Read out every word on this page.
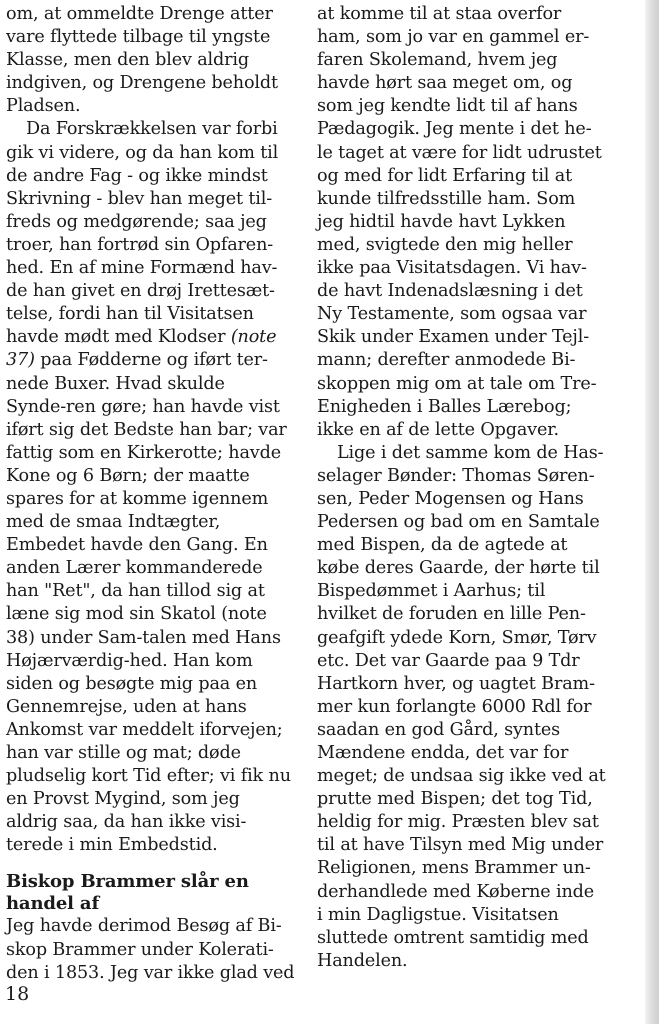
om, at ommeldte Drenge atter
vare flyttede tilbage til yngste
Klasse, men den blev aldrig
indgiven, og Drengene beholdt
Pladsen.
Da Forskrækkelsen var forbi
gik vi videre, og da han kom til
de andre Fag - og ikke mindst
Skrivning - blev han meget til-
freds og medgørende; saa jeg
troer, han fortrød sin Opfaren-
hed. En af mine Formænd hav-
de han givet en drøj Irettesæt-
telse, fordi han til Visitatsen
havde mødt med Klodser (note
37) paa Fødderne og iført ter-
nede Buxer. Hvad skulde
Synde-ren gøre; han havde vist
iført sig det Bedste han bar; var
fattig som en Kirkerotte; havde
Kone og 6 Børn; der maatte
spares for at komme igennem
med de smaa Indtægter,
Embedet havde den Gang. En
anden Lærer kommanderede
han "Ret", da han tillod sig at
læne sig mod sin Skatol (note
38) under Sam-talen med Hans
Højærværdig-hed. Han kom
siden og besøgte mig paa en
Gennemrejse, uden at hans
Ankomst var meddelt iforvejen;
han var stille og mat; døde
pludselig kort Tid efter; vi fik nu
en Provst Mygind, som jeg
aldrig saa, da han ikke visi-
terede i min Embedstid.
Biskop Brammer slår en
handel af
Jeg havde derimod Besøg af Bi-
skop Brammer under Kolerati-
den i 1853. Jeg var ikke glad ved
at komme til at staa overfor
ham, som jo var en gammel er-
faren Skolemand, hvem jeg
havde hørt saa meget om, og
som jeg kendte lidt til af hans
Pædagogik. Jeg mente i det he-
le taget at være for lidt udrustet
og med for lidt Erfaring til at
kunde tilfredsstille ham. Som
jeg hidtil havde havt Lykken
med, svigtede den mig heller
ikke paa Visitatsdagen. Vi hav-
de havt Indenadslæsning i det
Ny Testamente, som ogsaa var
Skik under Examen under Tejl-
mann; derefter anmodede Bi-
skoppen mig om at tale om Tre-
Enigheden i Balles Lærebog;
ikke en af de lette Opgaver.
Lige i det samme kom de Has-
selager Bønder: Thomas Søren-
sen, Peder Mogensen og Hans
Pedersen og bad om en Samtale
med Bispen, da de agtede at
købe deres Gaarde, der hørte til
Bispedømmet i Aarhus; til
hvilket de foruden en lille Pen-
geafgift ydede Korn, Smør, Tørv
etc. Det var Gaarde paa 9 Tdr
Hartkorn hver, og uagtet Bram-
mer kun forlangte 6000 Rdl for
saadan en god Gård, syntes
Mændene endda, det var for
meget; de undsaa sig ikke ved at
prutte med Bispen; det tog Tid,
heldig for mig. Præsten blev sat
til at have Tilsyn med Mig under
Religionen, mens Brammer un-
derhandlede med Køberne inde
i min Dagligstue. Visitatsen
sluttede omtrent samtidig med
Handelen.
18
